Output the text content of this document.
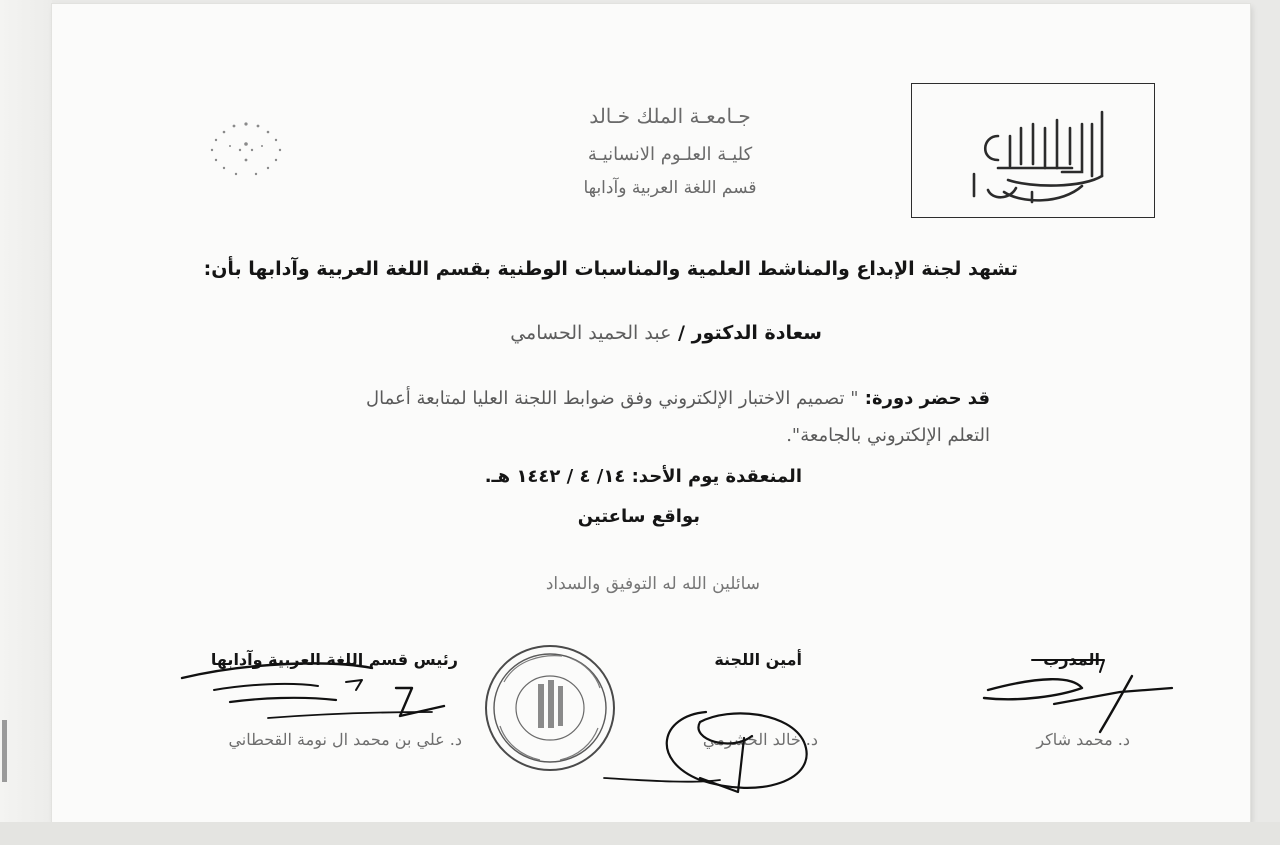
جـامعـة الملك خـالد
كليـة العلـوم الانسانيـة
قسم اللغة العربية وآدابها
تشهد لجنة الإبداع والمناشط العلمية والمناسبات الوطنية بقسم اللغة العربية وآدابها بأن:
سعادة الدكتور / عبد الحميد الحسامي
قد حضر دورة: " تصميم الاختبار الإلكتروني وفق ضوابط اللجنة العليا لمتابعة أعمال
التعلم الإلكتروني بالجامعة".
المنعقدة يوم الأحد: ١٤/ ٤ / ١٤٤٢ هـ.
بواقع ساعتين
سائلين الله له التوفيق والسداد
رئيس قسم اللغة العربية وآدابها	أمين اللجنة	المدرب
د. علي بن محمد ال نومة القحطاني	د. خالد الخشرمي	د. محمد شاكر
